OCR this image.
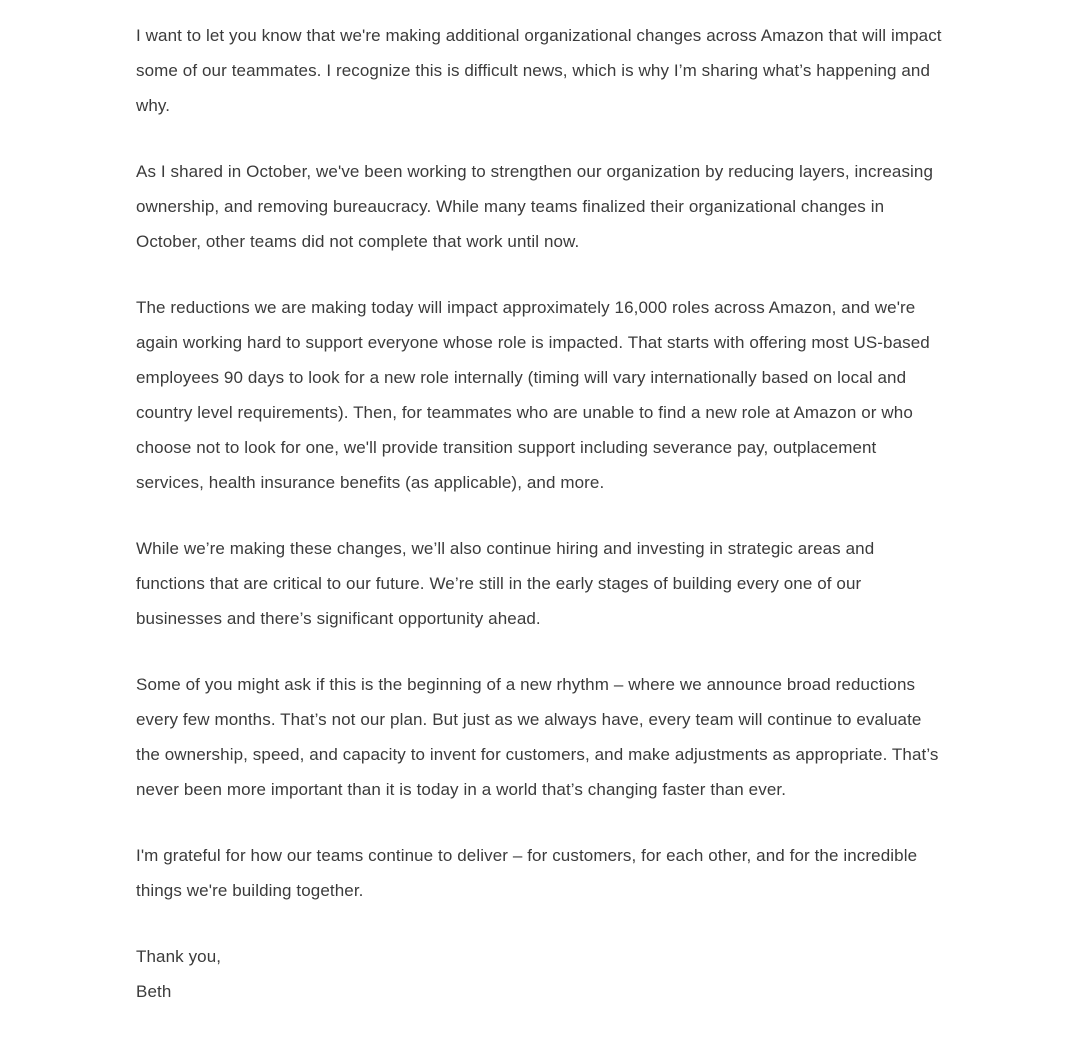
I want to let you know that we're making additional organizational changes across Amazon that will impact some of our teammates. I recognize this is difficult news, which is why I’m sharing what’s happening and why.

As I shared in October, we've been working to strengthen our organization by reducing layers, increasing ownership, and removing bureaucracy. While many teams finalized their organizational changes in October, other teams did not complete that work until now.

The reductions we are making today will impact approximately 16,000 roles across Amazon, and we're again working hard to support everyone whose role is impacted. That starts with offering most US-based employees 90 days to look for a new role internally (timing will vary internationally based on local and country level requirements). Then, for teammates who are unable to find a new role at Amazon or who choose not to look for one, we'll provide transition support including severance pay, outplacement services, health insurance benefits (as applicable), and more.

While we’re making these changes, we’ll also continue hiring and investing in strategic areas and functions that are critical to our future. We’re still in the early stages of building every one of our businesses and there’s significant opportunity ahead.

Some of you might ask if this is the beginning of a new rhythm – where we announce broad reductions every few months. That’s not our plan. But just as we always have, every team will continue to evaluate the ownership, speed, and capacity to invent for customers, and make adjustments as appropriate. That’s never been more important than it is today in a world that’s changing faster than ever.

I'm grateful for how our teams continue to deliver – for customers, for each other, and for the incredible things we're building together.

Thank you,
Beth
